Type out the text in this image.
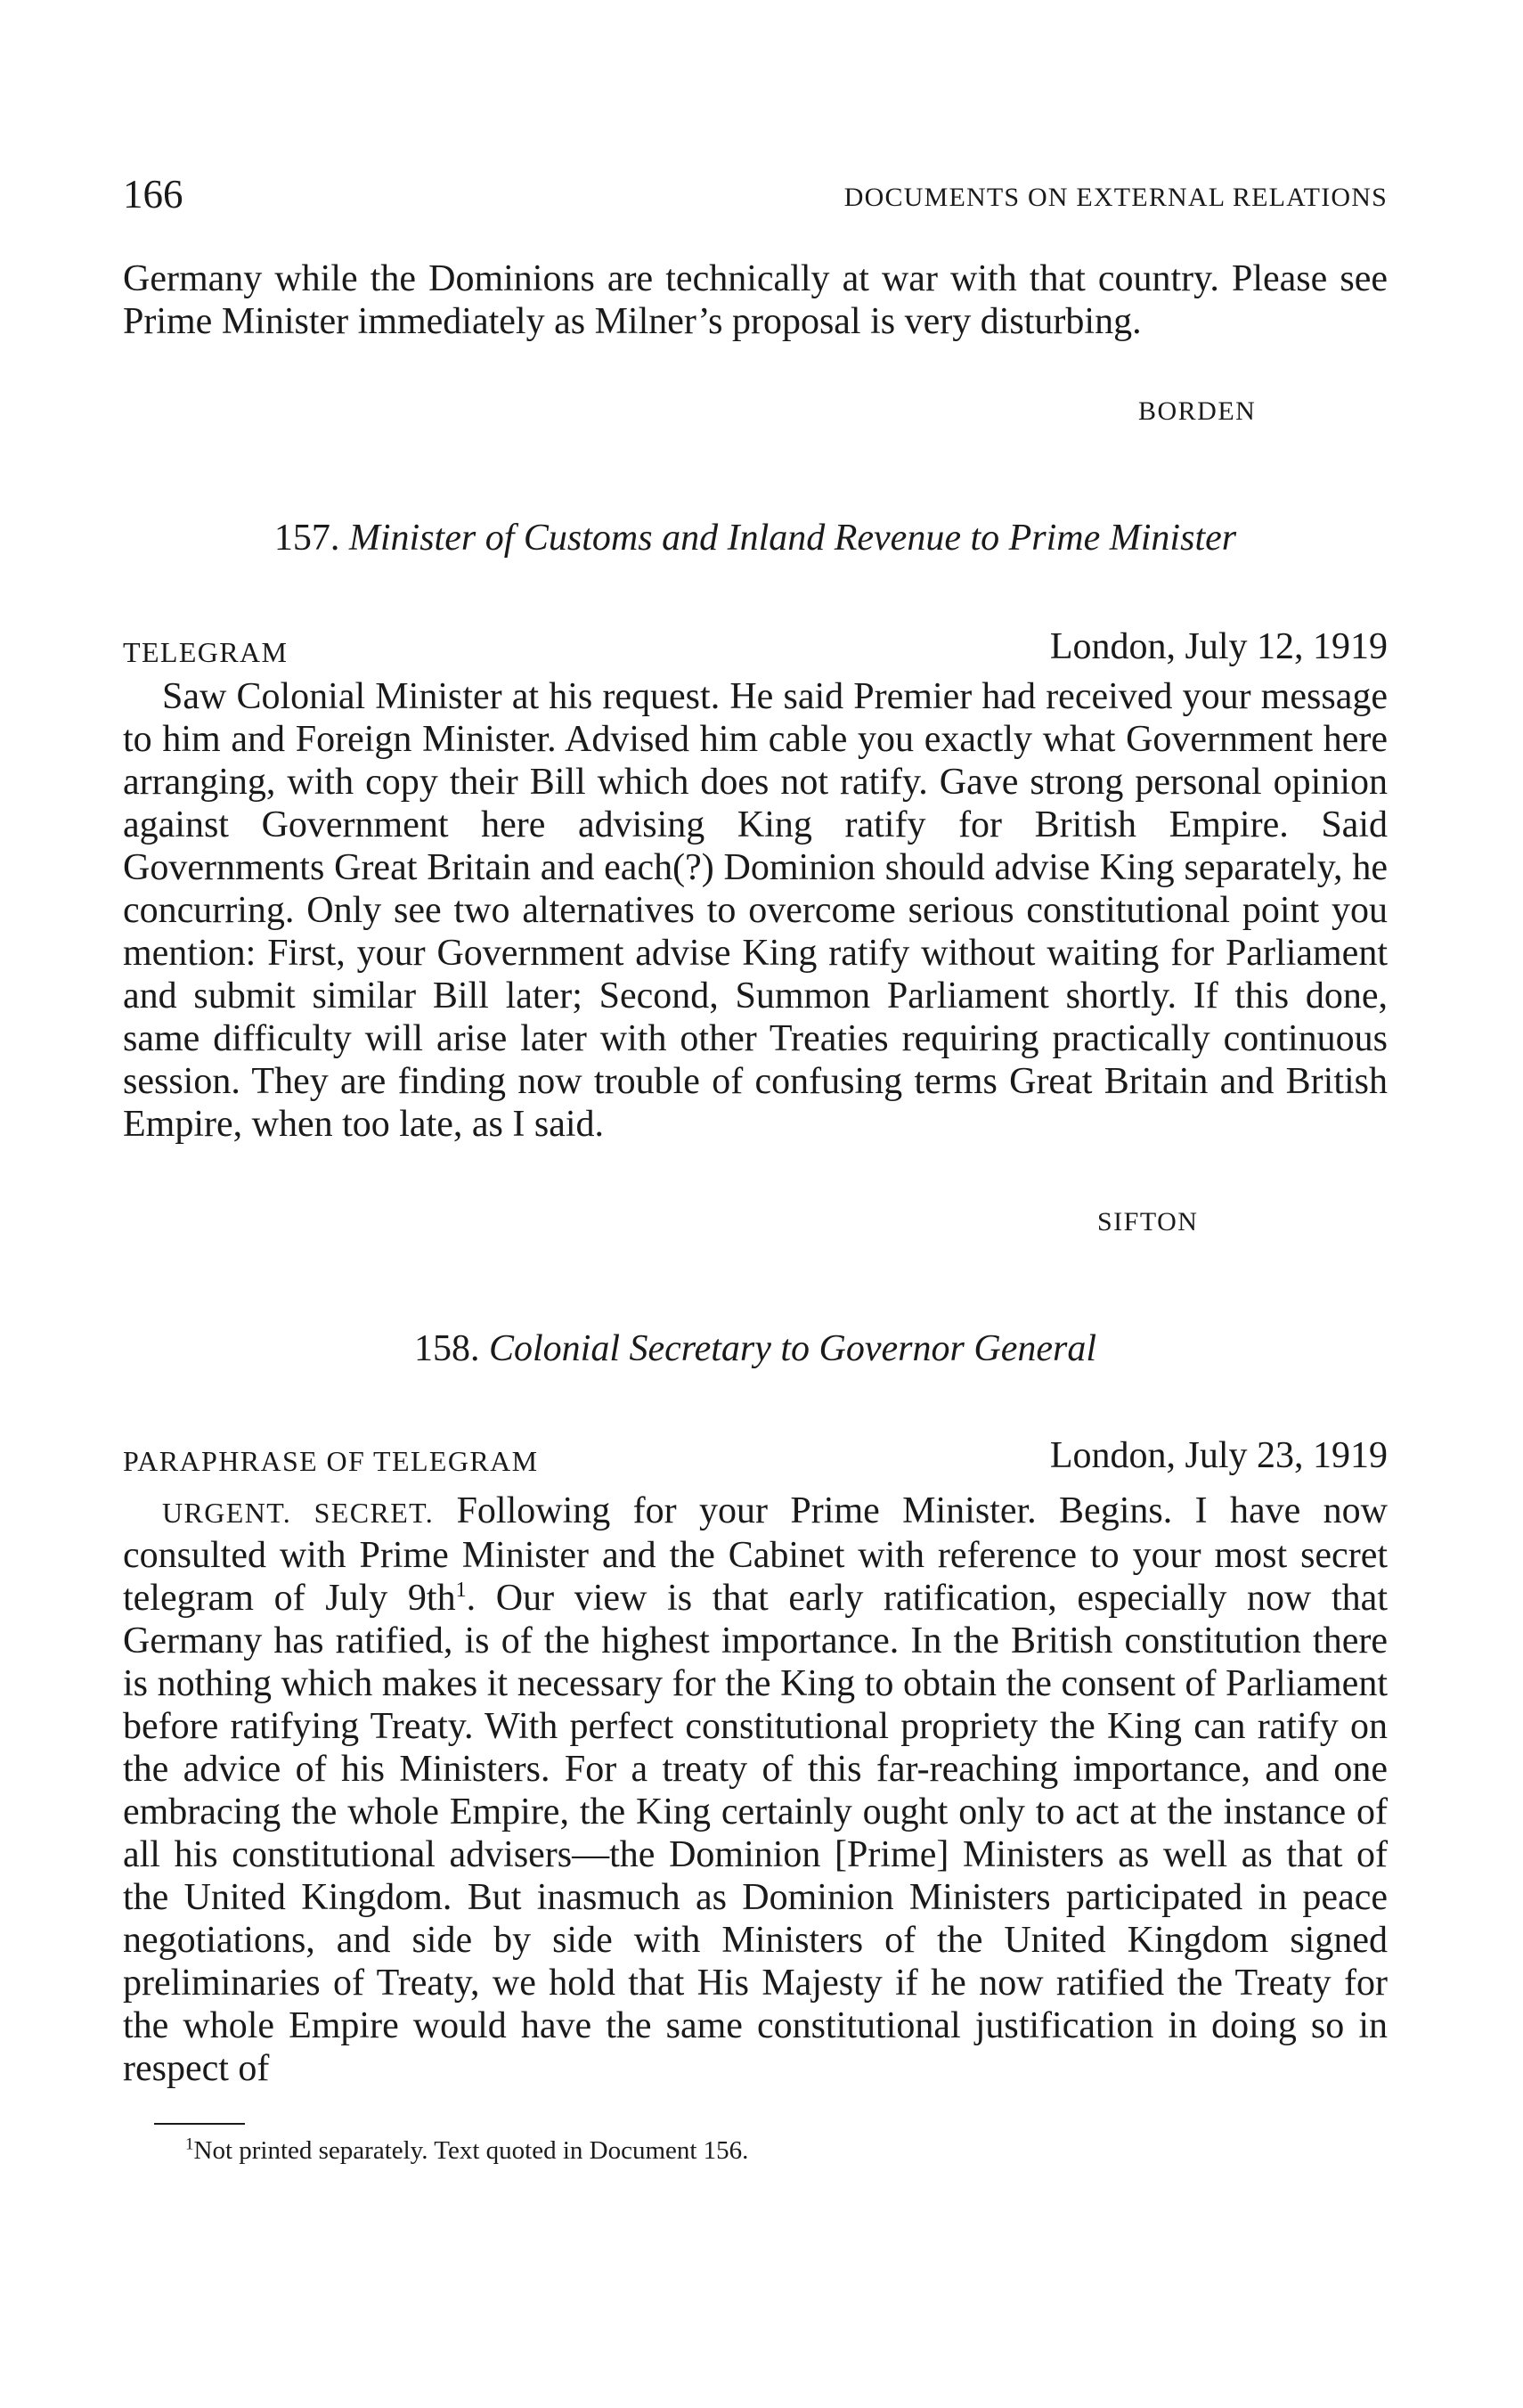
166	DOCUMENTS ON EXTERNAL RELATIONS

Germany while the Dominions are technically at war with that country. Please see Prime Minister immediately as Milner’s proposal is very disturbing.

BORDEN
157. Minister of Customs and Inland Revenue to Prime Minister
TELEGRAM	London, July 12, 1919

Saw Colonial Minister at his request. He said Premier had received your message to him and Foreign Minister. Advised him cable you exactly what Government here arranging, with copy their Bill which does not ratify. Gave strong personal opinion against Government here advising King ratify for British Empire. Said Governments Great Britain and each(?) Dominion should advise King separately, he concurring. Only see two alternatives to overcome serious constitutional point you mention: First, your Government advise King ratify without waiting for Parliament and submit similar Bill later; Second, Summon Parliament shortly. If this done, same difficulty will arise later with other Treaties requiring practically continuous session. They are finding now trouble of confusing terms Great Britain and British Empire, when too late, as I said.

SIFTON
158. Colonial Secretary to Governor General
PARAPHRASE OF TELEGRAM	London, July 23, 1919

URGENT. SECRET. Following for your Prime Minister. Begins. I have now consulted with Prime Minister and the Cabinet with reference to your most secret telegram of July $9th^1$. Our view is that early ratification, especially now that Germany has ratified, is of the highest importance. In the British constitution there is nothing which makes it necessary for the King to obtain the consent of Parliament before ratifying Treaty. With perfect constitutional propriety the King can ratify on the advice of his Ministers. For a treaty of this far-reaching importance, and one embracing the whole Empire, the King certainly ought only to act at the instance of all his constitutional advisers—the Dominion [Prime] Ministers as well as that of the United Kingdom. But inasmuch as Dominion Ministers participated in peace negotiations, and side by side with Ministers of the United Kingdom signed preliminaries of Treaty, we hold that His Majesty if he now ratified the Treaty for the whole Empire would have the same constitutional justification in doing so in respect of

$^1$Not printed separately. Text quoted in Document 156.
